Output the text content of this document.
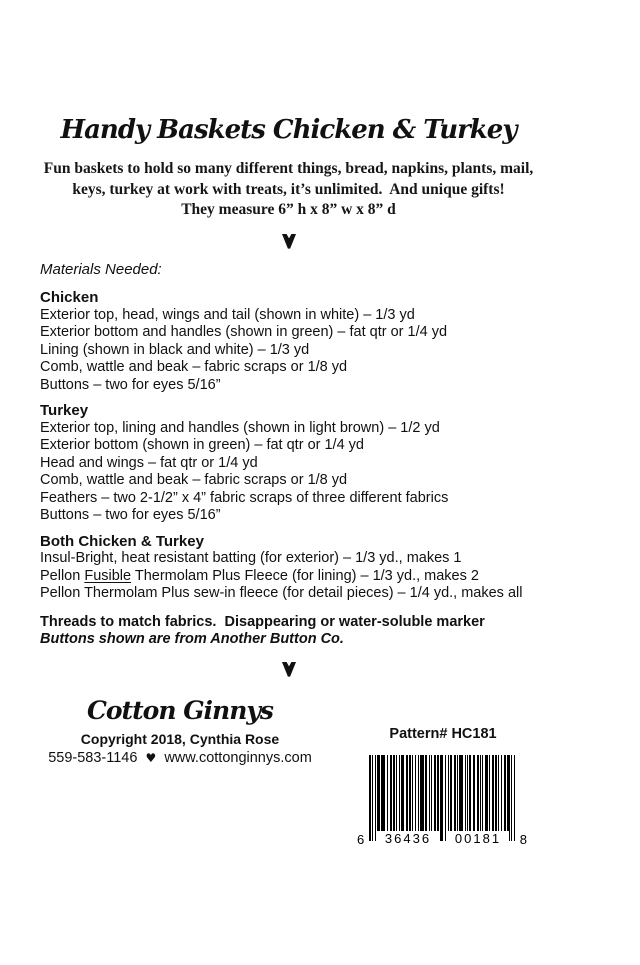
Handy Baskets Chicken & Turkey
Fun baskets to hold so many different things, bread, napkins, plants, mail,
keys, turkey at work with treats, it’s unlimited.  And unique gifts!
They measure 6” h x 8” w x 8” d
Materials Needed:
Chicken
Exterior top, head, wings and tail (shown in white) – 1/3 yd
Exterior bottom and handles (shown in green) – fat qtr or 1/4 yd
Lining (shown in black and white) – 1/3 yd
Comb, wattle and beak – fabric scraps or 1/8 yd
Buttons – two for eyes 5/16”
Turkey
Exterior top, lining and handles (shown in light brown) – 1/2 yd
Exterior bottom (shown in green) – fat qtr or 1/4 yd
Head and wings – fat qtr or 1/4 yd
Comb, wattle and beak – fabric scraps or 1/8 yd
Feathers – two 2-1/2” x 4” fabric scraps of three different fabrics
Buttons – two for eyes 5/16”
Both Chicken & Turkey
Insul-Bright, heat resistant batting (for exterior) – 1/3 yd., makes 1
Pellon Fusible Thermolam Plus Fleece (for lining) – 1/3 yd., makes 2
Pellon Thermolam Plus sew-in fleece (for detail pieces) – 1/4 yd., makes all
Threads to match fabrics.  Disappearing or water-soluble marker
Buttons shown are from Another Button Co.
Cotton Ginnys
Copyright 2018, Cynthia Rose
559-583-1146 ♥ www.cottonginnys.com
Pattern# HC181
6	36436	00181	8
